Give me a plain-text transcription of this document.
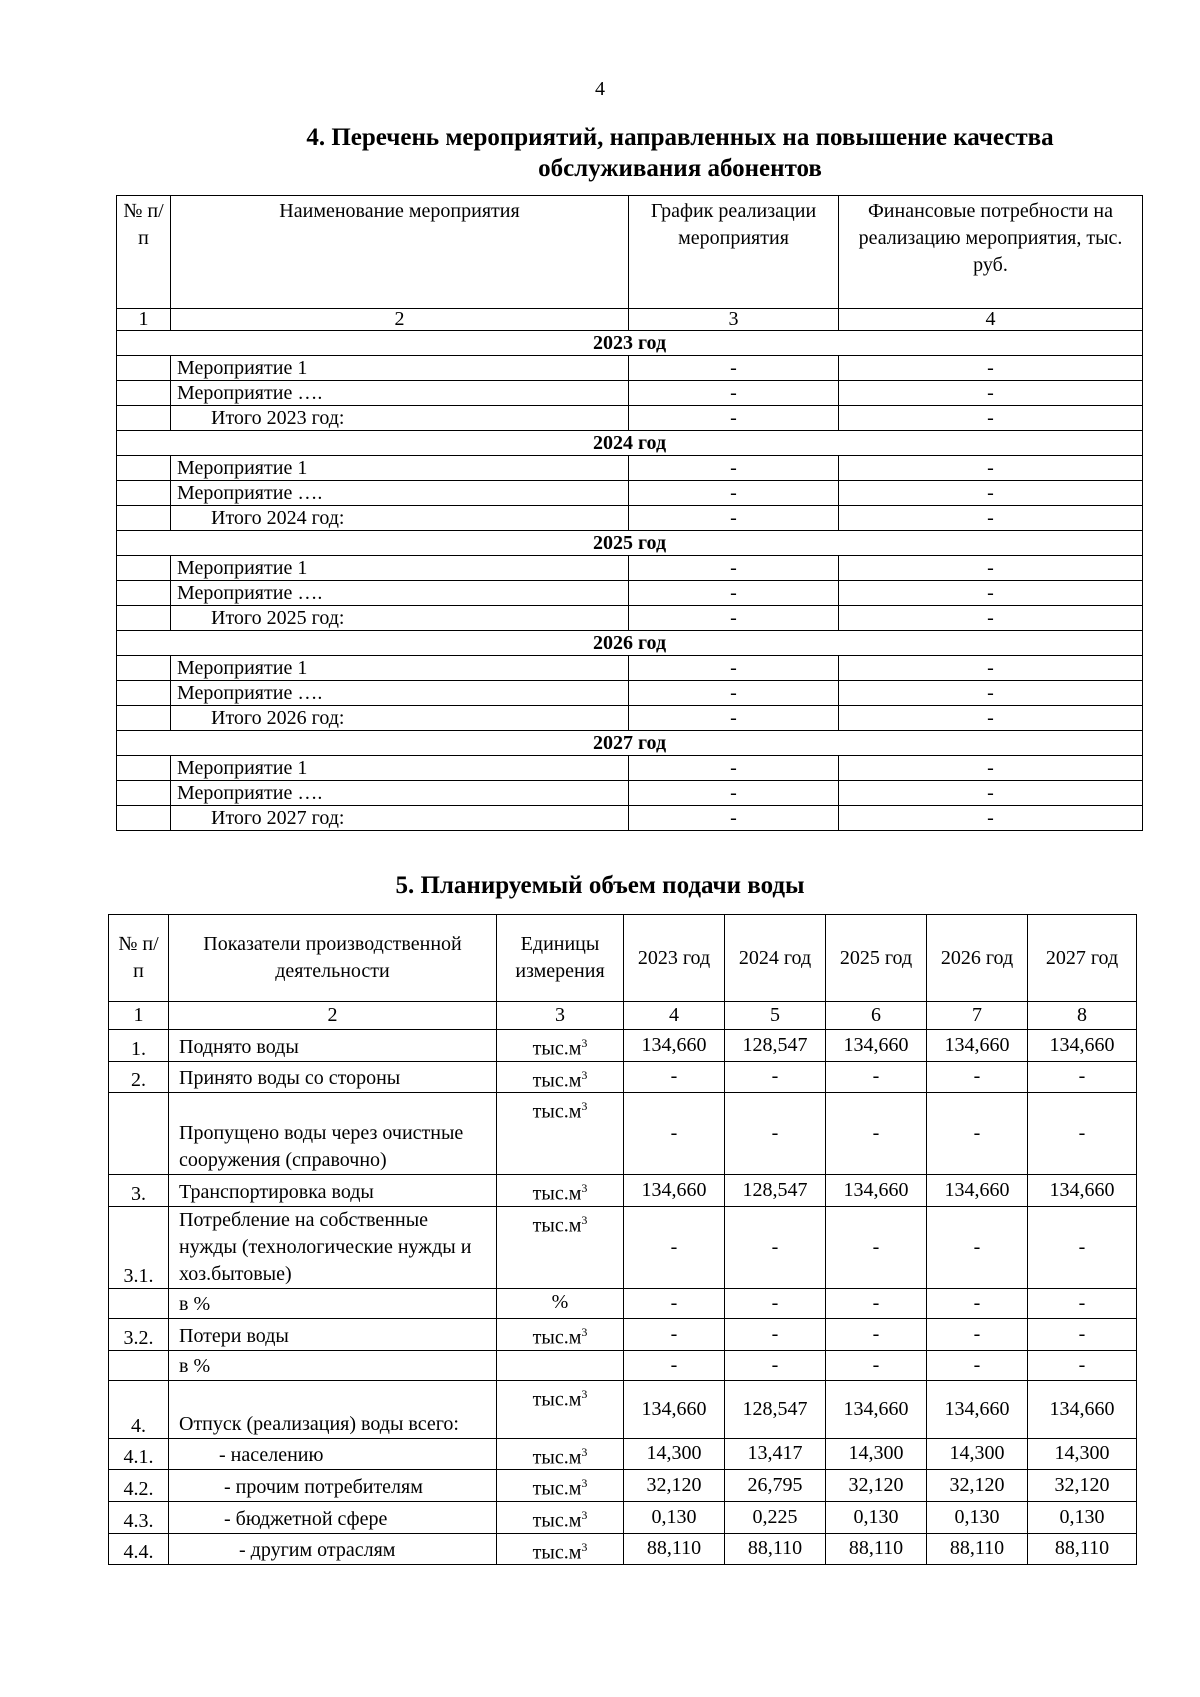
4
4. Перечень мероприятий, направленных на повышение качества
обслуживания абонентов
№ п/п	Наименование мероприятия	График реализации мероприятия	Финансовые потребности на реализацию мероприятия, тыс. руб.
1	2	3	4
2023 год			
	Мероприятие 1	-	-
	Мероприятие ….	-	-
	Итого 2023 год:	-	-
2024 год			
	Мероприятие 1	-	-
	Мероприятие ….	-	-
	Итого 2024 год:	-	-
2025 год			
	Мероприятие 1	-	-
	Мероприятие ….	-	-
	Итого 2025 год:	-	-
2026 год			
	Мероприятие 1	-	-
	Мероприятие ….	-	-
	Итого 2026 год:	-	-
2027 год			
	Мероприятие 1	-	-
	Мероприятие ….	-	-
	Итого 2027 год:	-	-
5. Планируемый объем подачи воды
№ п/п	Показатели производственной деятельности	Единицы измерения	2023 год	2024 год	2025 год	2026 год	2027 год
1	2	3	4	5	6	7	8
1.	Поднято воды	$тыс.м^3$	134,660	128,547	134,660	134,660	134,660
2.	Принято воды со стороны	$тыс.м^3$	-	-	-	-	-
	Пропущено воды через очистные сооружения (справочно)	$тыс.м^3$	-	-	-	-	-
3.	Транспортировка воды	$тыс.м^3$	134,660	128,547	134,660	134,660	134,660
3.1.	Потребление на собственные нужды (технологические нужды и хоз.бытовые)	$тыс.м^3$	-	-	-	-	-
	в %	%	-	-	-	-	-
3.2.	Потери воды	$тыс.м^3$	-	-	-	-	-
	в %		-	-	-	-	-
4.	Отпуск (реализация) воды всего:	$тыс.м^3$	134,660	128,547	134,660	134,660	134,660
4.1.	- населению	$тыс.м^3$	14,300	13,417	14,300	14,300	14,300
4.2.	- прочим потребителям	$тыс.м^3$	32,120	26,795	32,120	32,120	32,120
4.3.	- бюджетной сфере	$тыс.м^3$	0,130	0,225	0,130	0,130	0,130
4.4.	- другим отраслям	$тыс.м^3$	88,110	88,110	88,110	88,110	88,110
